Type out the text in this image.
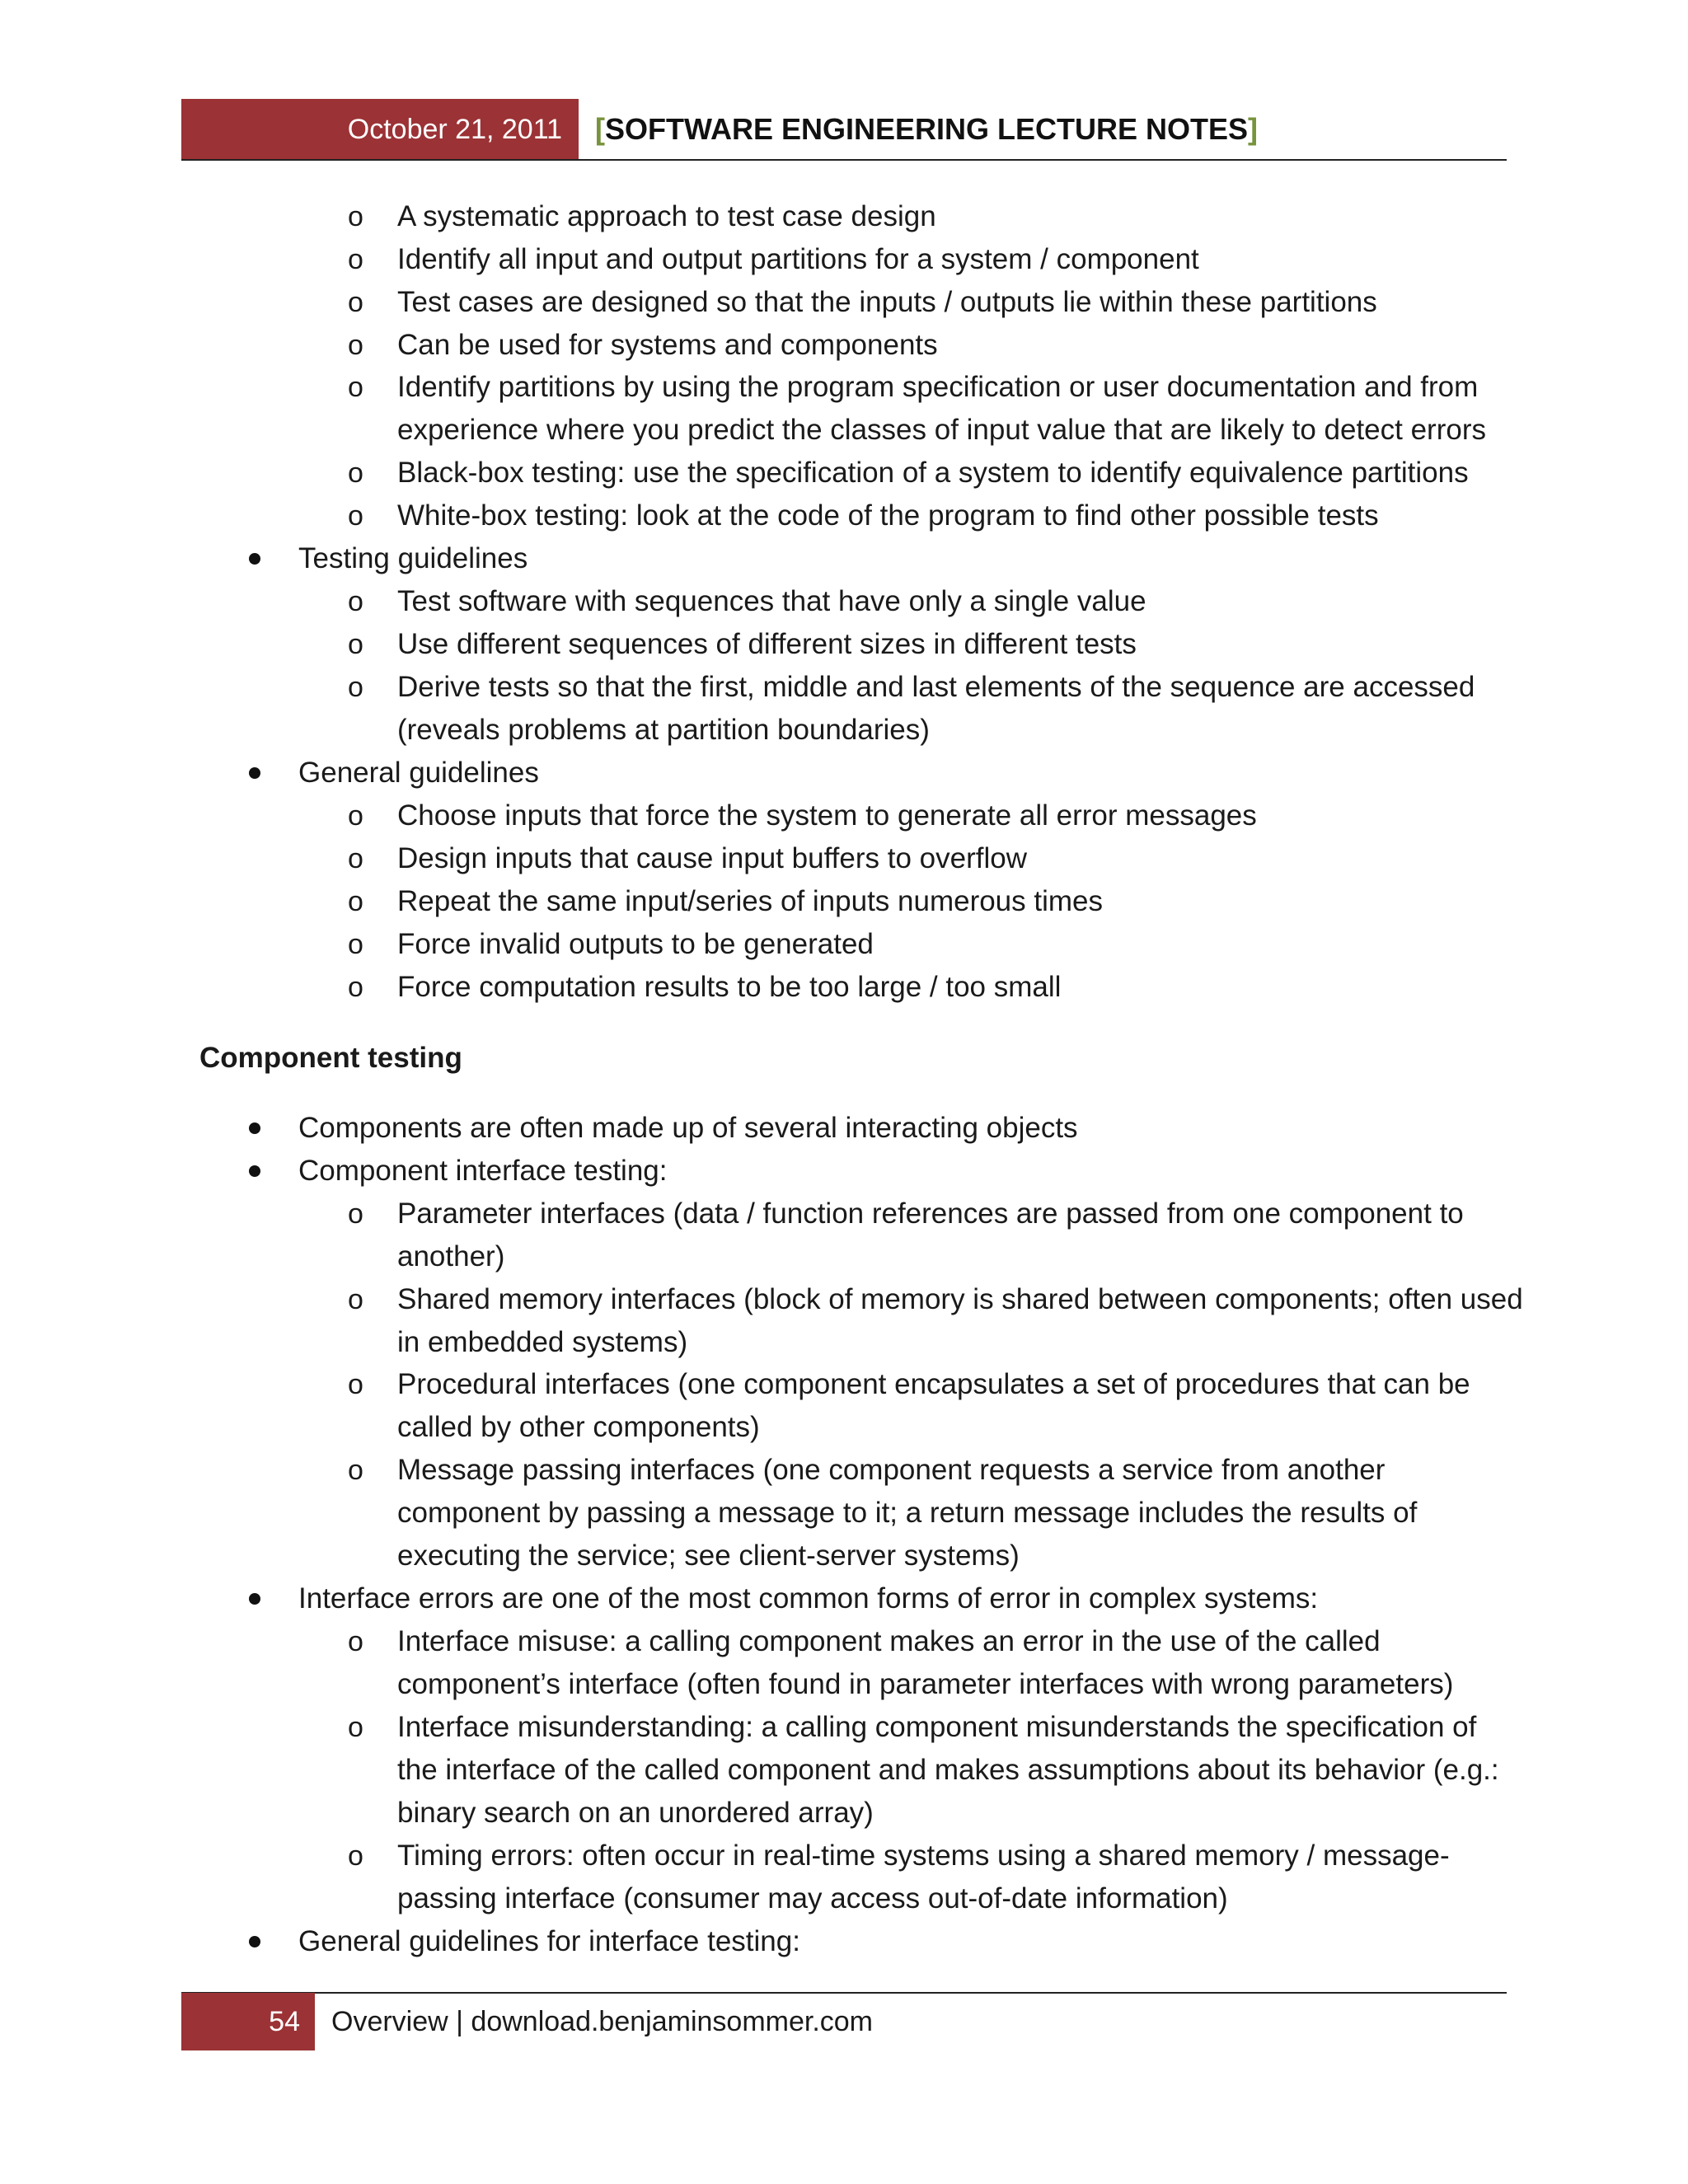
October 21, 2011	[SOFTWARE ENGINEERING LECTURE NOTES]
o A systematic approach to test case design
o Identify all input and output partitions for a system / component
o Test cases are designed so that the inputs / outputs lie within these partitions
o Can be used for systems and components
o Identify partitions by using the program specification or user documentation and from
experience where you predict the classes of input value that are likely to detect errors
o Black-box testing: use the specification of a system to identify equivalence partitions
o White-box testing: look at the code of the program to find other possible tests
Testing guidelines
o Test software with sequences that have only a single value
o Use different sequences of different sizes in different tests
o Derive tests so that the first, middle and last elements of the sequence are accessed
(reveals problems at partition boundaries)
General guidelines
o Choose inputs that force the system to generate all error messages
o Design inputs that cause input buffers to overflow
o Repeat the same input/series of inputs numerous times
o Force invalid outputs to be generated
o Force computation results to be too large / too small
Components are often made up of several interacting objects
Component interface testing:
o Parameter interfaces (data / function references are passed from one component to
another)
o Shared memory interfaces (block of memory is shared between components; often used
in embedded systems)
o Procedural interfaces (one component encapsulates a set of procedures that can be
called by other components)
o Message passing interfaces (one component requests a service from another
component by passing a message to it; a return message includes the results of
executing the service; see client-server systems)
Interface errors are one of the most common forms of error in complex systems:
o Interface misuse: a calling component makes an error in the use of the called
component’s interface (often found in parameter interfaces with wrong parameters)
o Interface misunderstanding: a calling component misunderstands the specification of
the interface of the called component and makes assumptions about its behavior (e.g.:
binary search on an unordered array)
o Timing errors: often occur in real-time systems using a shared memory / message-
passing interface (consumer may access out-of-date information)
General guidelines for interface testing:
Component testing
54	Overview | download.benjaminsommer.com
